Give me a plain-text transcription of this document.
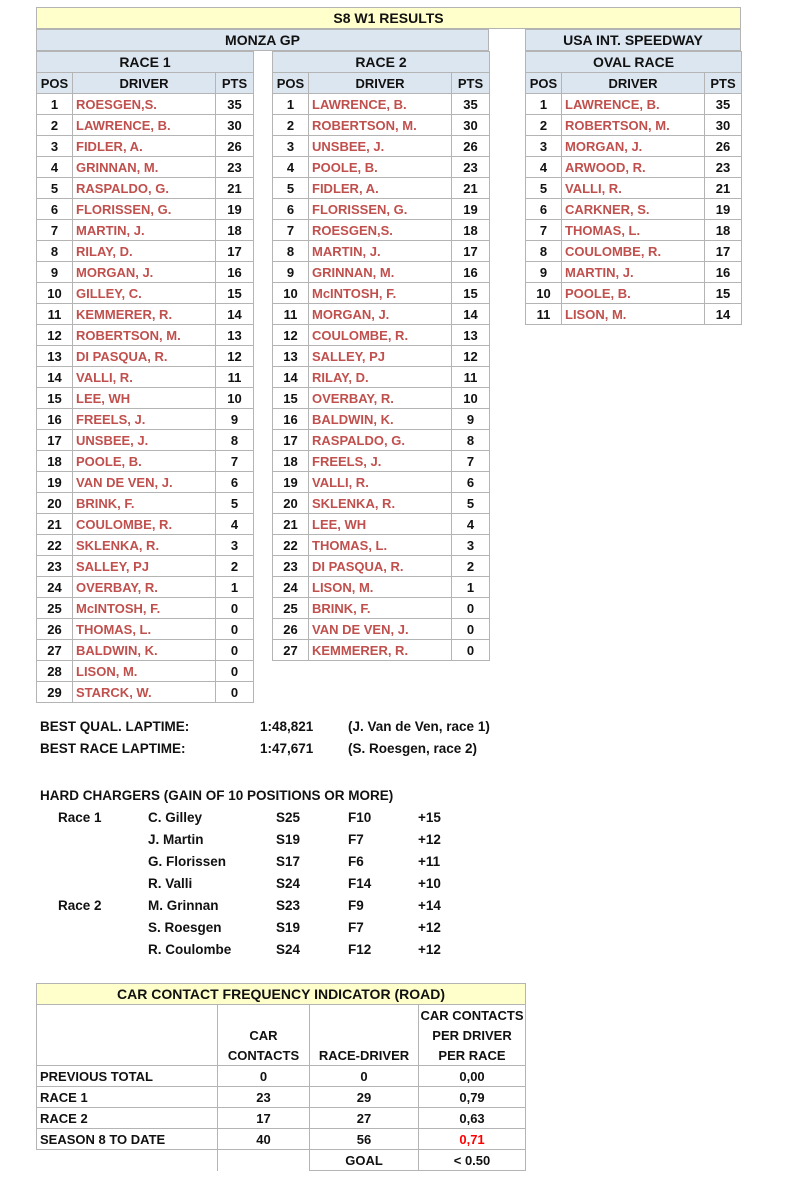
S8 W1 RESULTS
MONZA GP	USA INT. SPEEDWAY
RACE 1		
POS	DRIVER	PTS
1	ROESGEN,S.	35
2	LAWRENCE, B.	30
3	FIDLER, A.	26
4	GRINNAN, M.	23
5	RASPALDO, G.	21
6	FLORISSEN, G.	19
7	MARTIN, J.	18
8	RILAY, D.	17
9	MORGAN, J.	16
10	GILLEY, C.	15
11	KEMMERER, R.	14
12	ROBERTSON, M.	13
13	DI PASQUA, R.	12
14	VALLI, R.	11
15	LEE, WH	10
16	FREELS, J.	9
17	UNSBEE, J.	8
18	POOLE, B.	7
19	VAN DE VEN, J.	6
20	BRINK, F.	5
21	COULOMBE, R.	4
22	SKLENKA, R.	3
23	SALLEY, PJ	2
24	OVERBAY, R.	1
25	McINTOSH, F.	0
26	THOMAS, L.	0
27	BALDWIN, K.	0
28	LISON, M.	0
29	STARCK, W.	0
RACE 2		
POS	DRIVER	PTS
1	LAWRENCE, B.	35
2	ROBERTSON, M.	30
3	UNSBEE, J.	26
4	POOLE, B.	23
5	FIDLER, A.	21
6	FLORISSEN, G.	19
7	ROESGEN,S.	18
8	MARTIN, J.	17
9	GRINNAN, M.	16
10	McINTOSH, F.	15
11	MORGAN, J.	14
12	COULOMBE, R.	13
13	SALLEY, PJ	12
14	RILAY, D.	11
15	OVERBAY, R.	10
16	BALDWIN, K.	9
17	RASPALDO, G.	8
18	FREELS, J.	7
19	VALLI, R.	6
20	SKLENKA, R.	5
21	LEE, WH	4
22	THOMAS, L.	3
23	DI PASQUA, R.	2
24	LISON, M.	1
25	BRINK, F.	0
26	VAN DE VEN, J.	0
27	KEMMERER, R.	0
OVAL RACE		
POS	DRIVER	PTS
1	LAWRENCE, B.	35
2	ROBERTSON, M.	30
3	MORGAN, J.	26
4	ARWOOD, R.	23
5	VALLI, R.	21
6	CARKNER, S.	19
7	THOMAS, L.	18
8	COULOMBE, R.	17
9	MARTIN, J.	16
10	POOLE, B.	15
11	LISON, M.	14
BEST QUAL. LAPTIME:	1:48,821	(J. Van de Ven, race 1)
BEST RACE LAPTIME:	1:47,671	(S. Roesgen, race 2)
HARD CHARGERS (GAIN OF 10 POSITIONS OR MORE)
Race 1	C. Gilley	S25	F10	+15
J. Martin	S19	F7	+12
G. Florissen	S17	F6	+11
R. Valli	S24	F14	+10
Race 2	M. Grinnan	S23	F9	+14
S. Roesgen	S19	F7	+12
R. Coulombe	S24	F12	+12
CAR CONTACT FREQUENCY INDICATOR (ROAD)			
			CAR CONTACTS
	CAR		PER DRIVER
	CONTACTS	RACE-DRIVER	PER RACE
PREVIOUS TOTAL	0	0	0,00
RACE 1	23	29	0,79
RACE 2	17	27	0,63
SEASON 8 TO DATE	40	56	0,71
		GOAL	< 0.50
